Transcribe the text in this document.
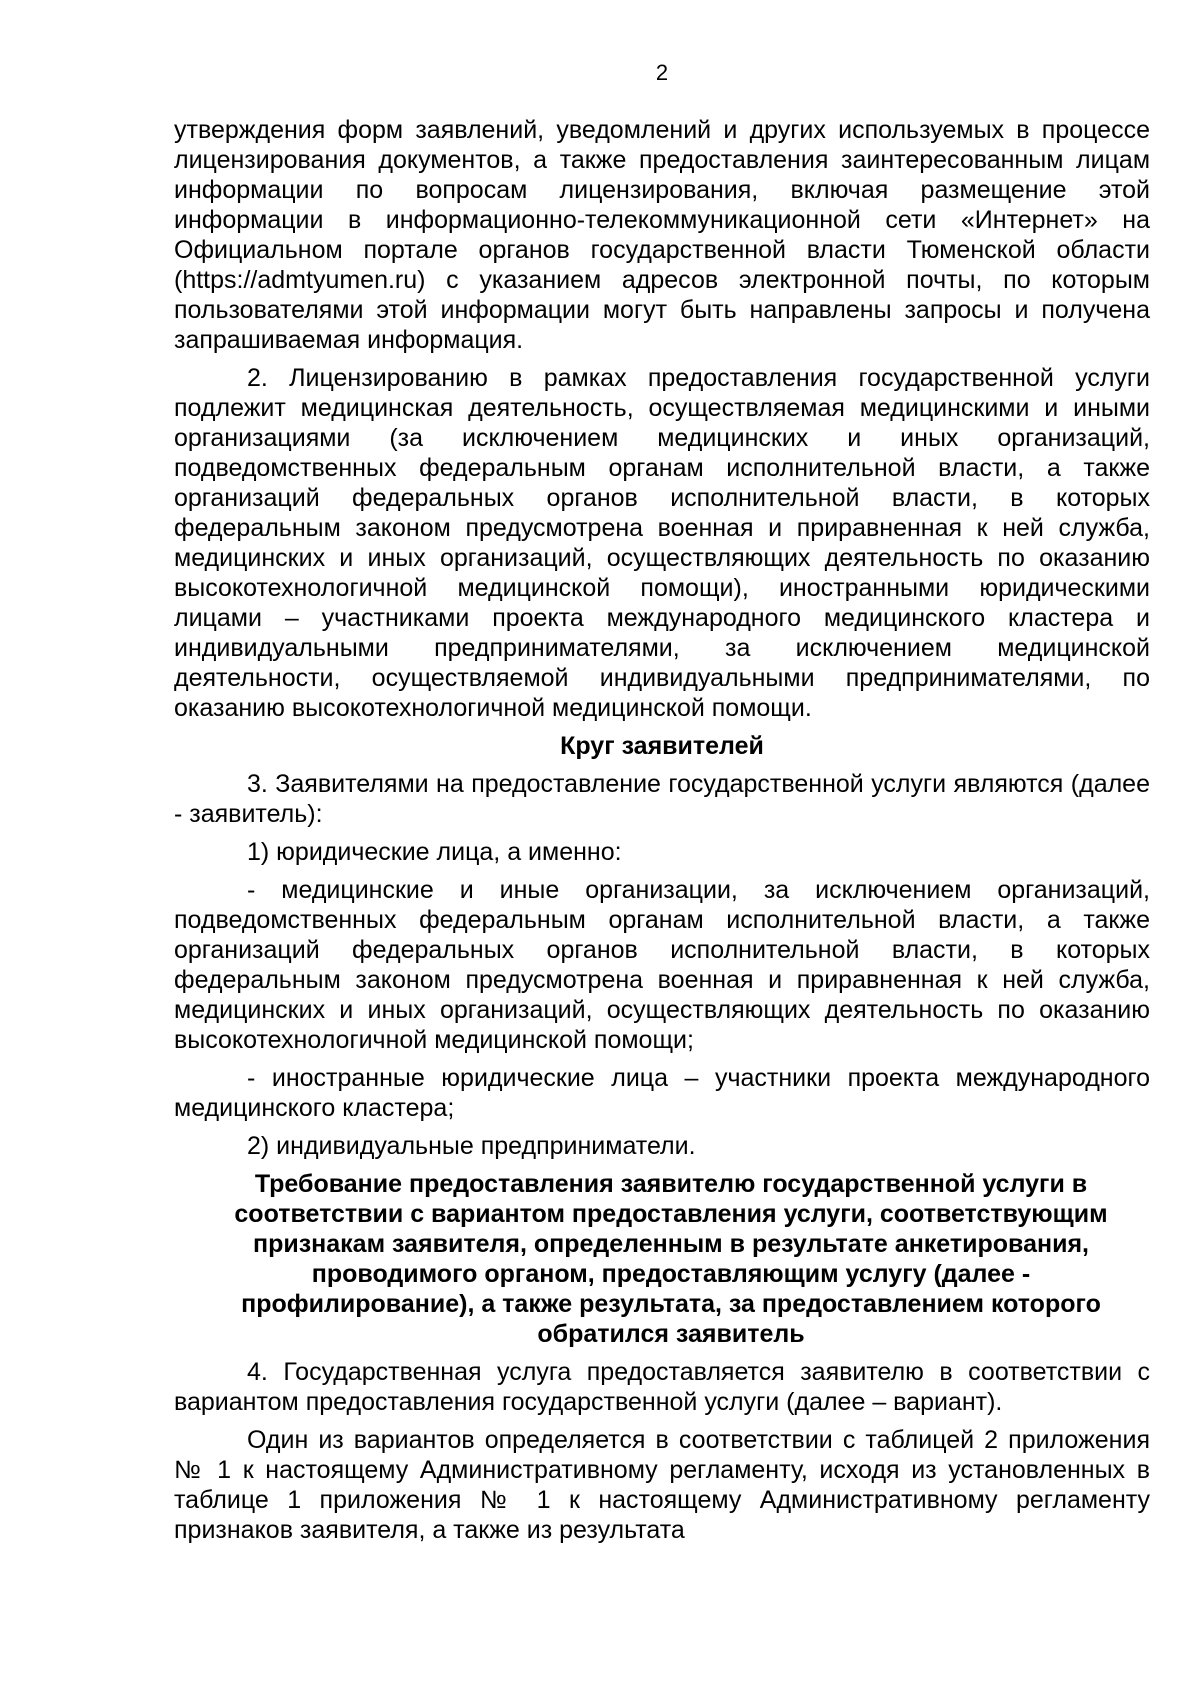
2

утверждения форм заявлений, уведомлений и других используемых в процессе лицензирования документов, а также предоставления заинтересованным лицам информации по вопросам лицензирования, включая размещение этой информации в информационно-телекоммуникационной сети «Интернет» на Официальном портале органов государственной власти Тюменской области (https://admtyumen.ru) с указанием адресов электронной почты, по которым пользователями этой информации могут быть направлены запросы и получена запрашиваемая информация.

2. Лицензированию в рамках предоставления государственной услуги подлежит медицинская деятельность, осуществляемая медицинскими и иными организациями (за исключением медицинских и иных организаций, подведомственных федеральным органам исполнительной власти, а также организаций федеральных органов исполнительной власти, в которых федеральным законом предусмотрена военная и приравненная к ней служба, медицинских и иных организаций, осуществляющих деятельность по оказанию высокотехнологичной медицинской помощи), иностранными юридическими лицами – участниками проекта международного медицинского кластера и индивидуальными предпринимателями, за исключением медицинской деятельности, осуществляемой индивидуальными предпринимателями, по оказанию высокотехнологичной медицинской помощи.

Круг заявителей

3. Заявителями на предоставление государственной услуги являются (далее - заявитель):

1) юридические лица, а именно:

- медицинские и иные организации, за исключением организаций, подведомственных федеральным органам исполнительной власти, а также организаций федеральных органов исполнительной власти, в которых федеральным законом предусмотрена военная и приравненная к ней служба, медицинских и иных организаций, осуществляющих деятельность по оказанию высокотехнологичной медицинской помощи;

- иностранные юридические лица – участники проекта международного медицинского кластера;

2) индивидуальные предприниматели.

Требование предоставления заявителю государственной услуги в
соответствии с вариантом предоставления услуги, соответствующим
признакам заявителя, определенным в результате анкетирования,
проводимого органом, предоставляющим услугу (далее -
профилирование), а также результата, за предоставлением которого
обратился заявитель

4. Государственная услуга предоставляется заявителю в соответствии с вариантом предоставления государственной услуги (далее – вариант).

Один из вариантов определяется в соответствии с таблицей 2 приложения № 1 к настоящему Административному регламенту, исходя из установленных в таблице 1 приложения № 1 к настоящему Административному регламенту признаков заявителя, а также из результата
